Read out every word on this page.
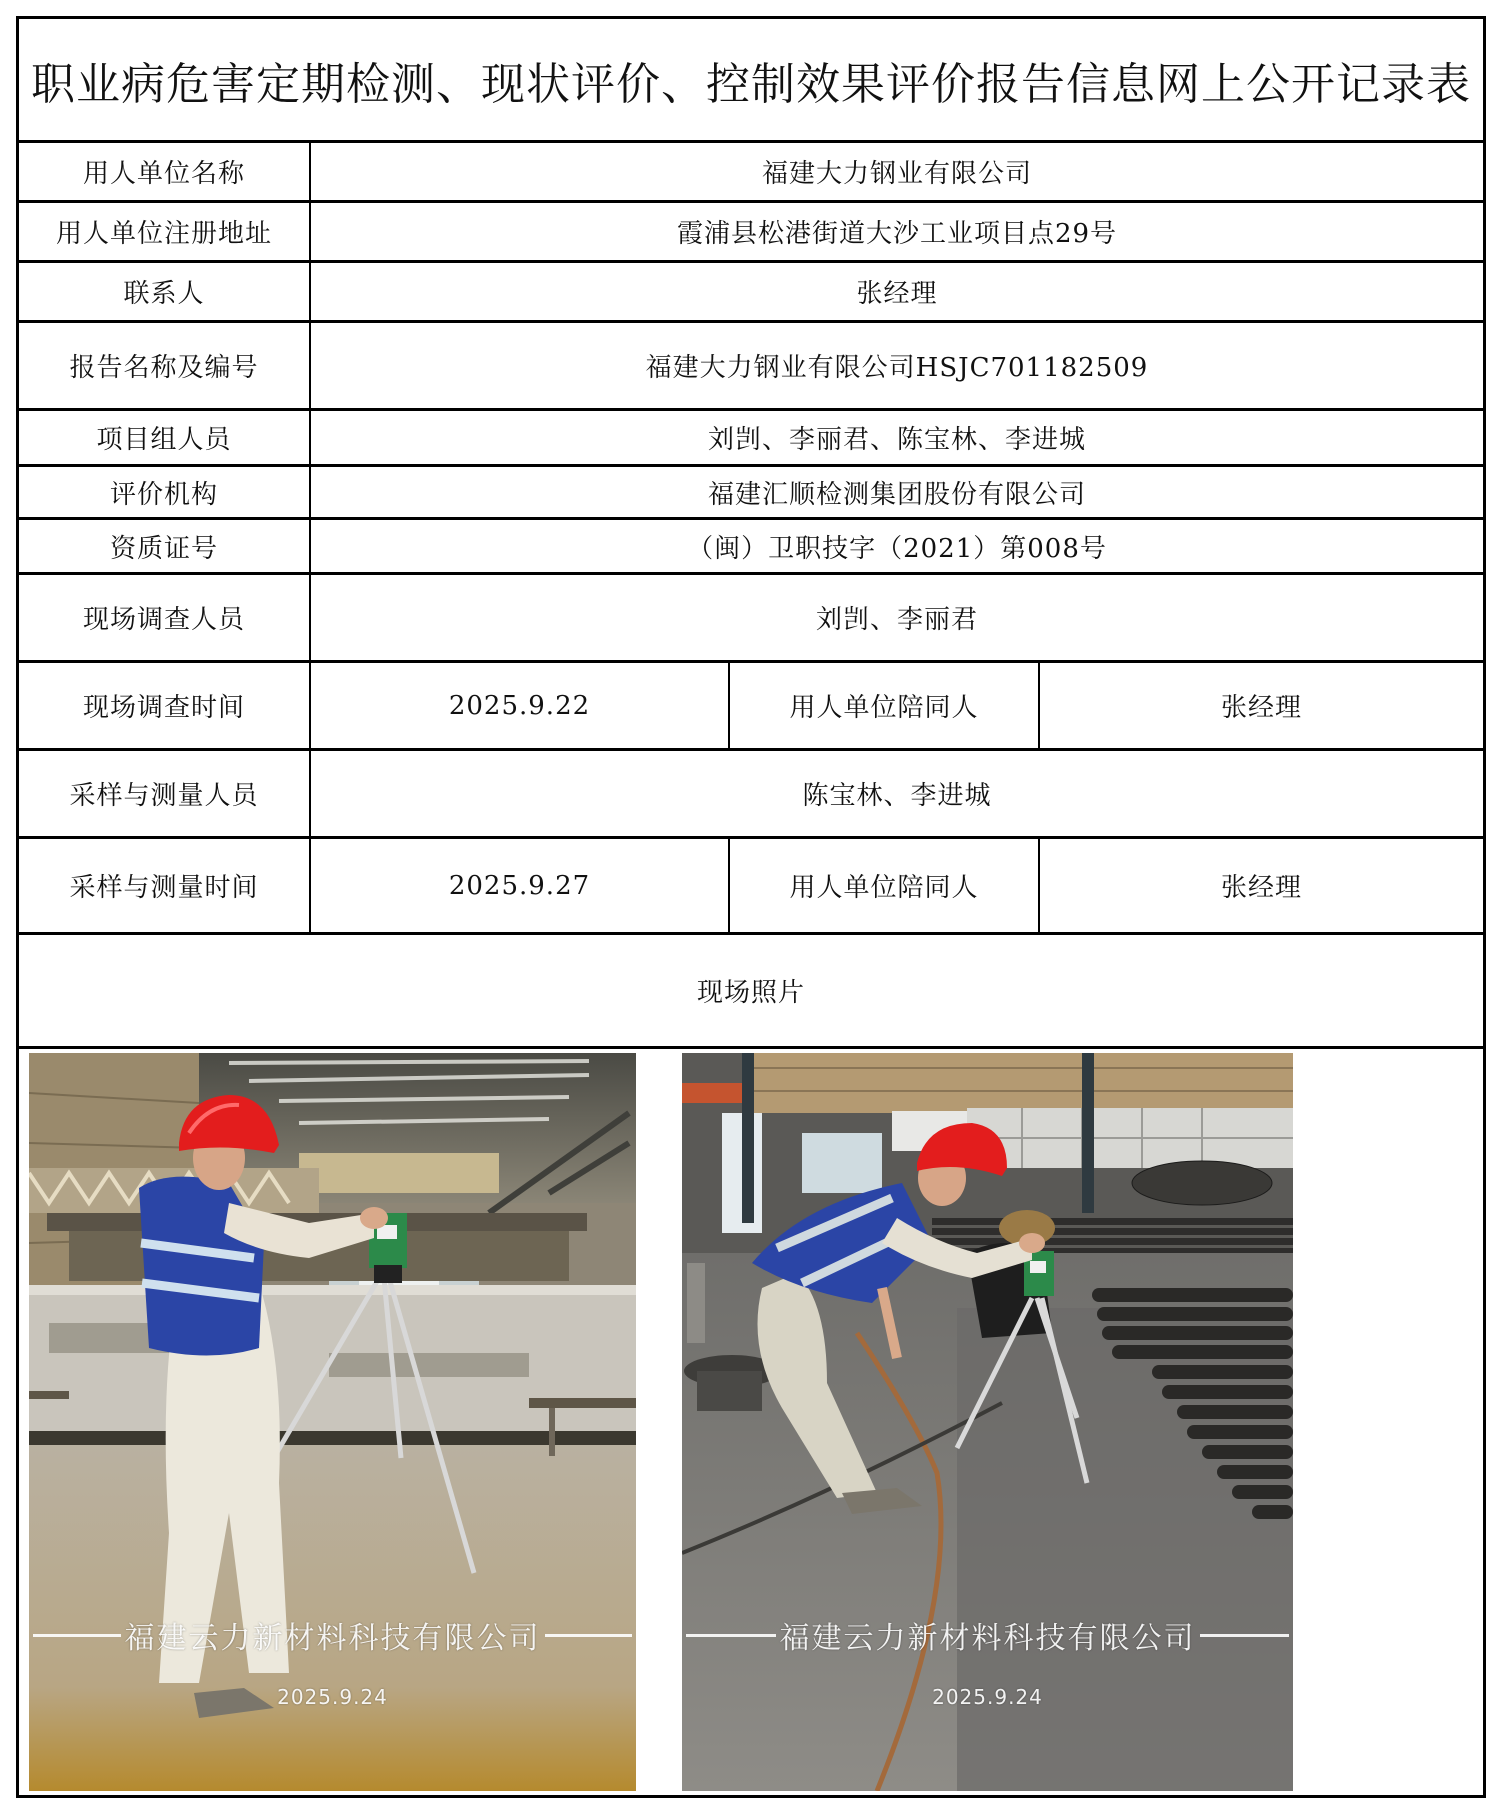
职业病危害定期检测、现状评价、控制效果评价报告信息网上公开记录表
用人单位名称	福建大力钢业有限公司
用人单位注册地址	霞浦县松港街道大沙工业项目点29号
联系人	张经理
报告名称及编号	福建大力钢业有限公司HSJC701182509
项目组人员	刘剀、李丽君、陈宝林、李进城
评价机构	福建汇顺检测集团股份有限公司
资质证号	（闽）卫职技字（2021）第008号
现场调查人员	刘剀、李丽君
现场调查时间	2025.9.22	用人单位陪同人	张经理
采样与测量人员	陈宝林、李进城
采样与测量时间	2025.9.27	用人单位陪同人	张经理
现场照片
福建云力新材料科技有限公司
2025.9.24
福建云力新材料科技有限公司
2025.9.24
